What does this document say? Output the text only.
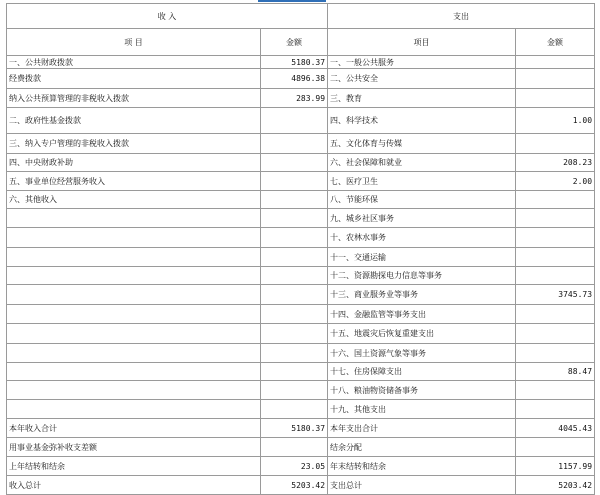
收 入		支出	
项 目	金额	项目	金额
一、公共财政拨款	5180.37	一、一般公共服务	
经费拨款	4896.38	二、公共安全	
纳入公共预算管理的非税收入拨款	283.99	三、教育	
二、政府性基金拨款		四、科学技术	1.00
三、纳入专户管理的非税收入拨款		五、文化体育与传媒	
四、中央财政补助		六、社会保障和就业	208.23
五、事业单位经营服务收入		七、医疗卫生	2.00
六、其他收入		八、节能环保	
		九、城乡社区事务	
		十、农林水事务	
		十一、交通运输	
		十二、资源勘探电力信息等事务	
		十三、商业服务业等事务	3745.73
		十四、金融监管等事务支出	
		十五、地震灾后恢复重建支出	
		十六、国土资源气象等事务	
		十七、住房保障支出	88.47
		十八、粮油物资储备事务	
		十九、其他支出	
本年收入合计	5180.37	本年支出合计	4045.43
用事业基金弥补收支差额		结余分配	
上年结转和结余	23.05	年末结转和结余	1157.99
收入总计	5203.42	支出总计	5203.42
